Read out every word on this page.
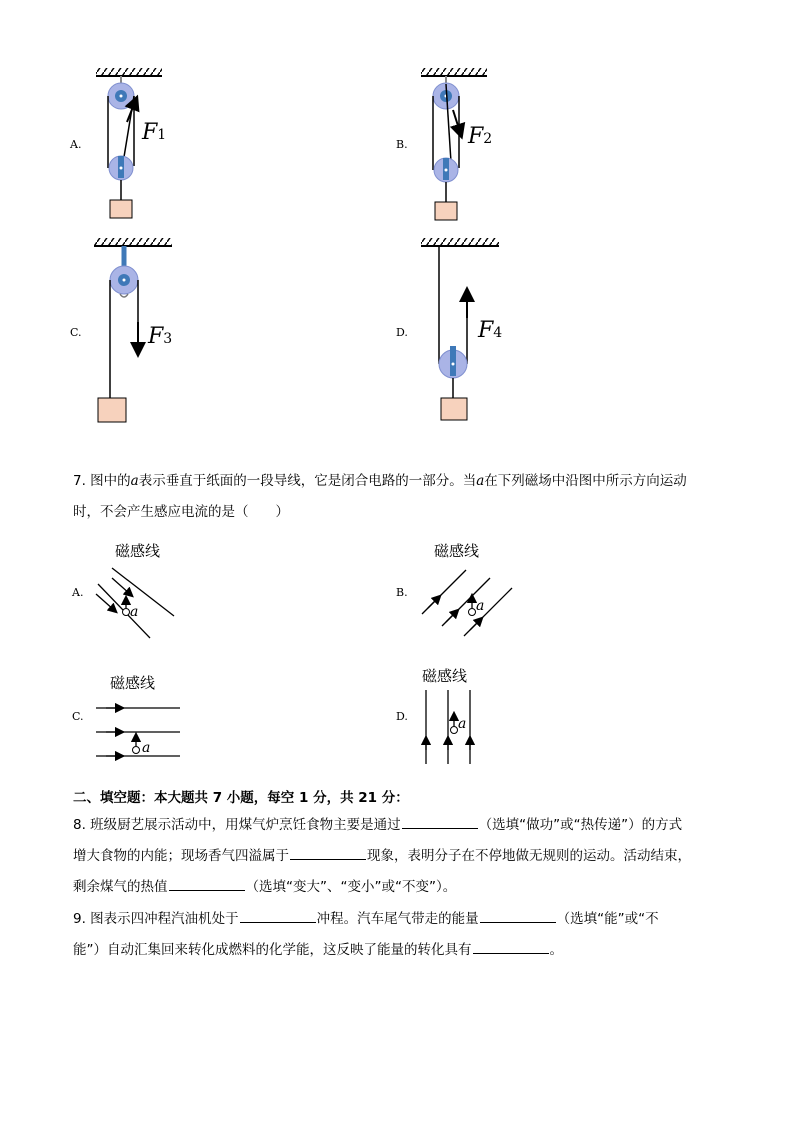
A.	F1
B.	F2
C.	F3	D.	F4
7. 图中的a表示垂直于纸面的一段导线，它是闭合电路的一部分。当a在下列磁场中沿图中所示方向运动
时，不会产生感应电流的是（　　）
A.
磁感线
a
B.
磁感线
a
C.
磁感线
a
D.
磁感线
a
二、填空题：本大题共 7 小题，每空 1 分，共 21 分：
8. 班级厨艺展示活动中，用煤气炉烹饪食物主要是通过	（选填“做功”或“热传递”）的方式
增大食物的内能；现场香气四溢属于	现象，表明分子在不停地做无规则的运动。活动结束，
剩余煤气的热值	（选填“变大”、“变小”或“不变”）。
9. 图表示四冲程汽油机处于	冲程。汽车尾气带走的能量	（选填“能”或“不
能”）自动汇集回来转化成燃料的化学能，这反映了能量的转化具有	。
